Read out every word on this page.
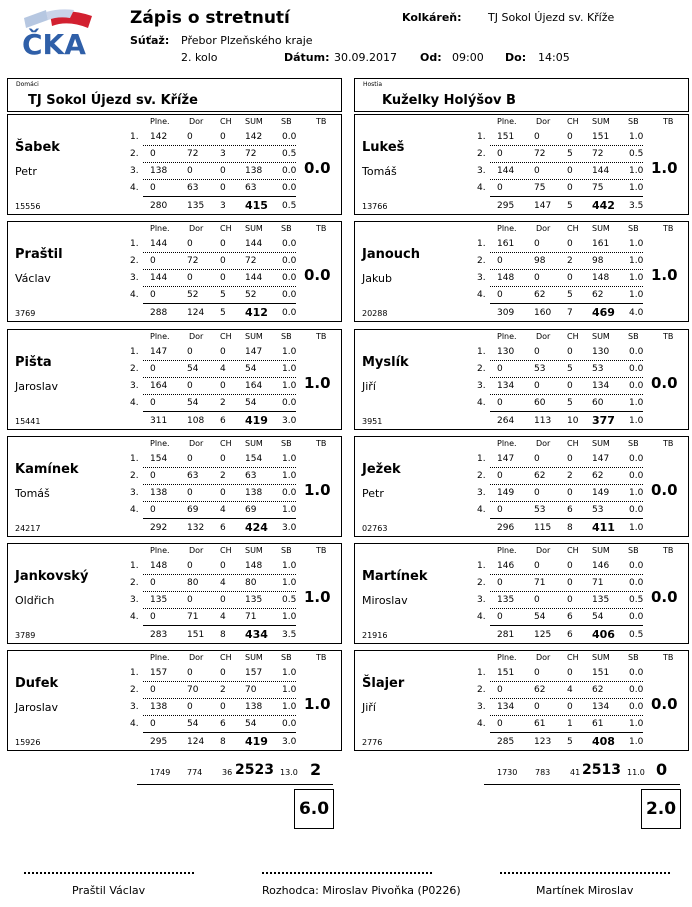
ČKA
Zápis o stretnutí	Kolkáreň: TJ Sokol Újezd sv. Kříže
Súťaž: Přebor Plzeňského kraje
2. kolo	Dátum: 30.09.2017 Od: 09:00 Do: 14:05
Domáci
TJ Sokol Újezd sv. Kříže
Hostia
Kuželky Holýšov B
Šabek
Petr
15556
Plne. Dor CH SUM SB	TB
1. 142 0	0 142 0.0
2. 0	72 3 72	0.5
3. 138 0	0 138 0.0
4. 0	63 0 63	0.0
280 135 3 415 0.5
0.0
Praštil
Václav
3769
Plne. Dor CH SUM SB	TB
1. 144 0	0 144 0.0
2. 0	72 0 72	0.0
3. 144 0	0 144 0.0
4. 0	52 5 52	0.0
288 124 5 412 0.0
0.0
Pišta
Jaroslav
15441
Plne. Dor CH SUM SB	TB
1. 147 0	0 147 1.0
2. 0	54 4 54	1.0
3. 164 0	0 164 1.0
4. 0	54 2 54	0.0
311 108 6 419 3.0
1.0
Kamínek
Tomáš
24217
Plne. Dor CH SUM SB	TB
1. 154 0	0 154 1.0
2. 0	63 2 63	1.0
3. 138 0	0 138 0.0
4. 0	69 4 69	1.0
292 132 6 424 3.0
1.0
Jankovský
Oldřich
3789
Plne. Dor CH SUM SB	TB
1. 148 0	0 148 1.0
2. 0	80 4 80	1.0
3. 135 0	0 135 0.5
4. 0	71 4 71	1.0
283 151 8 434 3.5
1.0
Dufek
Jaroslav
15926
Plne. Dor CH SUM SB	TB
1. 157 0	0 157 1.0
2. 0	70 2 70	1.0
3. 138 0	0 138 1.0
4. 0	54 6 54	0.0
295 124 8 419 3.0
1.0
Lukeš
Tomáš
13766
Plne. Dor CH SUM SB	TB
1. 151 0	0 151 1.0
2. 0	72 5 72	0.5
3. 144 0	0 144 1.0
4. 0	75 0 75	1.0
295 147 5 442 3.5
1.0
Janouch
Jakub
20288
Plne. Dor CH SUM SB	TB
1. 161 0	0 161 1.0
2. 0	98 2 98	1.0
3. 148 0	0 148 1.0
4. 0	62 5 62	1.0
309 160 7 469 4.0
1.0
Myslík
Jiří
3951
Plne. Dor CH SUM SB	TB
1. 130 0	0 130 0.0
2. 0	53 5 53	0.0
3. 134 0	0 134 0.0
4. 0	60 5 60	1.0
264 113 10 377 1.0
0.0
Ježek
Petr
02763
Plne. Dor CH SUM SB	TB
1. 147 0	0 147 0.0
2. 0	62 2 62	0.0
3. 149 0	0 149 1.0
4. 0	53 6 53	0.0
296 115 8 411 1.0
0.0
Martínek
Miroslav
21916
Plne. Dor CH SUM SB	TB
1. 146 0	0 146 0.0
2. 0	71 0 71	0.0
3. 135 0	0 135 0.5
4. 0	54 6 54	0.0
281 125 6 406 0.5
0.0
Šlajer
Jiří
2776
Plne. Dor CH SUM SB	TB
1. 151 0	0 151 0.0
2. 0	62 4 62	0.0
3. 134 0	0 134 0.0
4. 0	61 1 61	1.0
285 123 5 408 1.0
0.0
1749 774 36 2523 13.0 2
6.0
1730 783 41 2513 11.0 0
2.0
Praštil Václav	Rozhodca: Miroslav Pivoňka (P0226)	Martínek Miroslav
